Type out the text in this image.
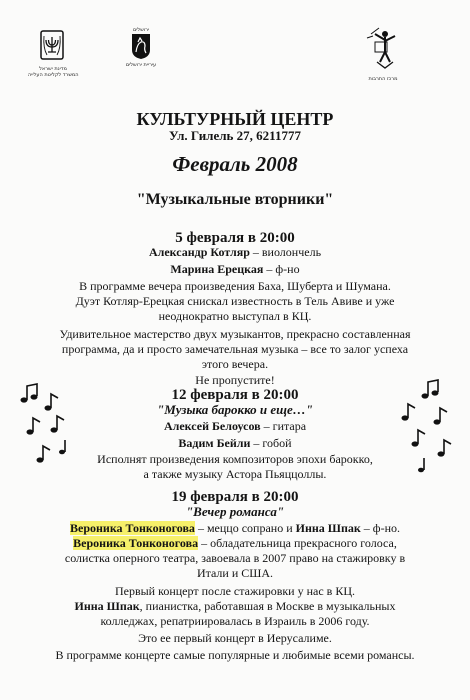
מדינת ישראל
המשרד לקליטת העלייה
ירושלים
עיריית ירושלים
מרכז התרבות
КУЛЬТУРНЫЙ ЦЕНТР
Ул. Гилель 27, 6211777
Февраль 2008
"Музыкальные вторники"
5 февраля в 20:00
Александр Котляр – виолончель
Марина Ерецкая – ф-но
В программе вечера произведения Баха, Шуберта и Шумана.
Дуэт Котляр-Ерецкая снискал известность в Тель Авиве и уже
неоднократно выступал в КЦ.
Удивительное мастерство двух музыкантов, прекрасно составленная
программа, да и просто замечательная музыка – все то залог успеха
этого вечера.
Не пропустите!
12 февраля в 20:00
"Музыка барокко и еще…"
Алексей Белоусов – гитара
Вадим Бейли – гобой
Исполнят произведения композиторов эпохи барокко,
а также музыку Астора Пьяццоллы.
19 февраля в 20:00
"Вечер романса"
Вероника Тонконогова – меццо сопрано и Инна Шпак – ф-но.
Вероника Тонконогова – обладательница прекрасного голоса,
солистка оперного театра, завоевала в 2007 право на стажировку в
Итали и США.
Первый концерт после стажировки у нас в КЦ.
Инна Шпак, пианистка, работавшая в Москве в музыкальных
колледжах, репатриировалась в Израиль в 2006 году.
Это ее первый концерт в Иерусалиме.
В программе концерте самые популярные и любимые всеми романсы.
